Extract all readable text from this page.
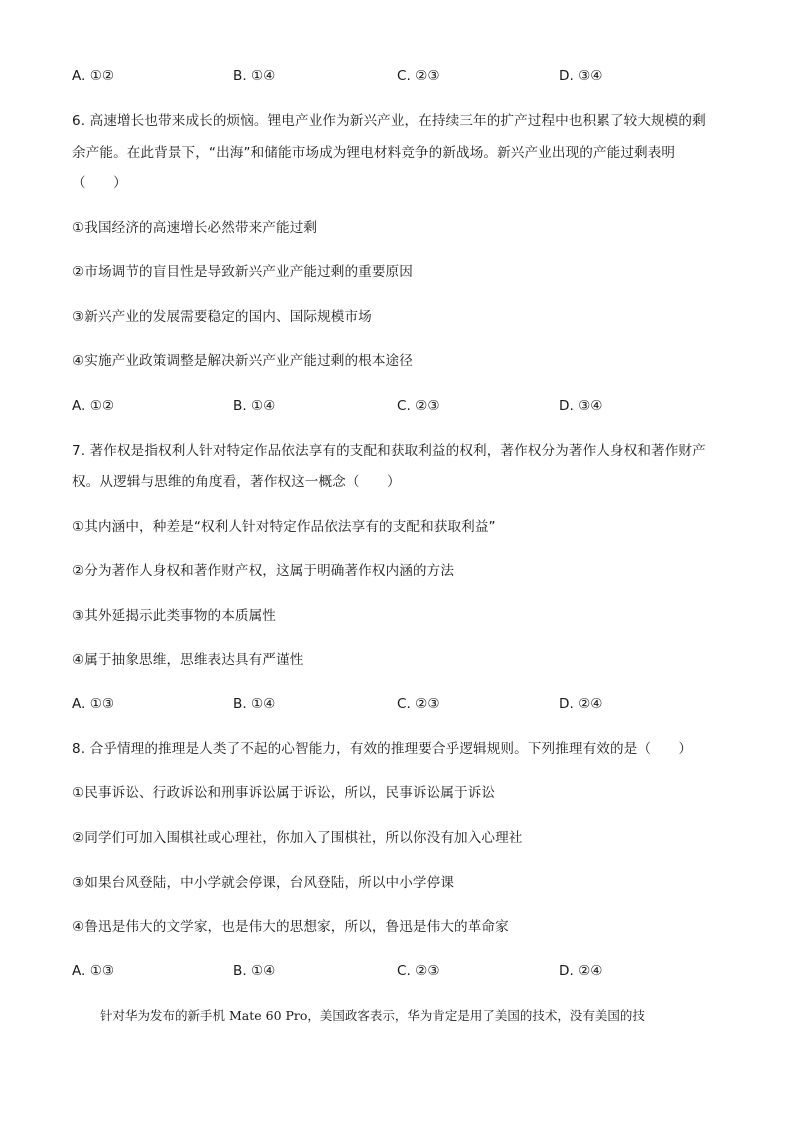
A. ①②	B. ①④	C. ②③	D. ③④
6. 高速增长也带来成长的烦恼。锂电产业作为新兴产业，在持续三年的扩产过程中也积累了较大规模的剩
余产能。在此背景下，“出海”和储能市场成为锂电材料竞争的新战场。新兴产业出现的产能过剩表明
（　　）
①我国经济的高速增长必然带来产能过剩
②市场调节的盲目性是导致新兴产业产能过剩的重要原因
③新兴产业的发展需要稳定的国内、国际规模市场
④实施产业政策调整是解决新兴产业产能过剩的根本途径
A. ①②	B. ①④	C. ②③	D. ③④
7. 著作权是指权利人针对特定作品依法享有的支配和获取利益的权利，著作权分为著作人身权和著作财产
权。从逻辑与思维的角度看，著作权这一概念（　　）
①其内涵中，种差是“权利人针对特定作品依法享有的支配和获取利益”
②分为著作人身权和著作财产权，这属于明确著作权内涵的方法
③其外延揭示此类事物的本质属性
④属于抽象思维，思维表达具有严谨性
A. ①③	B. ①④	C. ②③	D. ②④
8. 合乎情理的推理是人类了不起的心智能力，有效的推理要合乎逻辑规则。下列推理有效的是（　　）
①民事诉讼、行政诉讼和刑事诉讼属于诉讼，所以，民事诉讼属于诉讼
②同学们可加入围棋社或心理社，你加入了围棋社，所以你没有加入心理社
③如果台风登陆，中小学就会停课，台风登陆，所以中小学停课
④鲁迅是伟大的文学家，也是伟大的思想家，所以，鲁迅是伟大的革命家
A. ①③	B. ①④	C. ②③	D. ②④
针对华为发布的新手机 Mate 60 Pro，美国政客表示，华为肯定是用了美国的技术，没有美国的技
